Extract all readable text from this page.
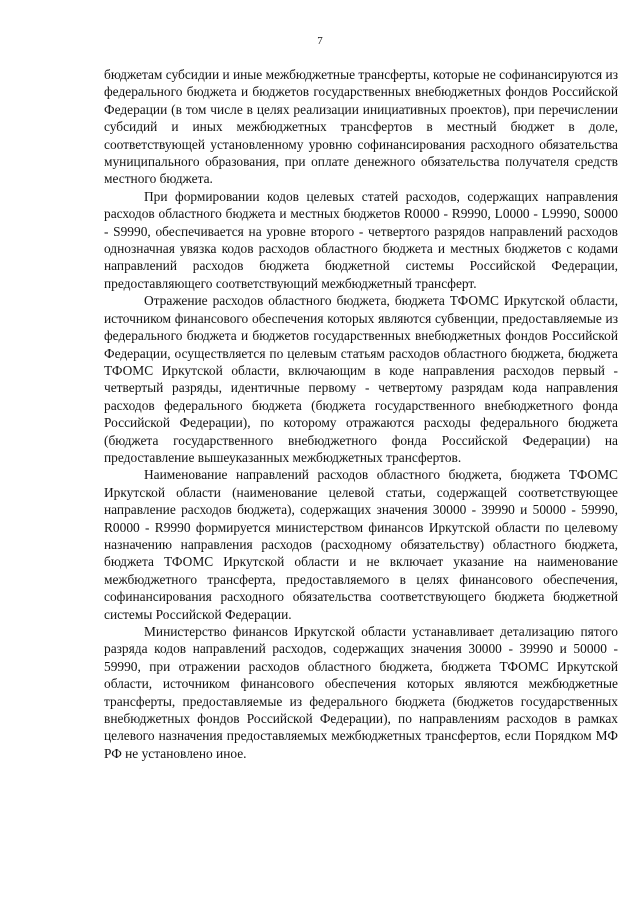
7

бюджетам субсидии и иные межбюджетные трансферты, которые не софинансируются из федерального бюджета и бюджетов государственных внебюджетных фондов Российской Федерации (в том числе в целях реализации инициативных проектов), при перечислении субсидий и иных межбюджетных трансфертов в местный бюджет в доле, соответствующей установленному уровню софинансирования расходного обязательства муниципального образования, при оплате денежного обязательства получателя средств местного бюджета.

При формировании кодов целевых статей расходов, содержащих направления расходов областного бюджета и местных бюджетов R0000 - R9990, L0000 - L9990, S0000 - S9990, обеспечивается на уровне второго - четвертого разрядов направлений расходов однозначная увязка кодов расходов областного бюджета и местных бюджетов с кодами направлений расходов бюджета бюджетной системы Российской Федерации, предоставляющего соответствующий межбюджетный трансферт.

Отражение расходов областного бюджета, бюджета ТФОМС Иркутской области, источником финансового обеспечения которых являются субвенции, предоставляемые из федерального бюджета и бюджетов государственных внебюджетных фондов Российской Федерации, осуществляется по целевым статьям расходов областного бюджета, бюджета ТФОМС Иркутской области, включающим в коде направления расходов первый - четвертый разряды, идентичные первому - четвертому разрядам кода направления расходов федерального бюджета (бюджета государственного внебюджетного фонда Российской Федерации), по которому отражаются расходы федерального бюджета (бюджета государственного внебюджетного фонда Российской Федерации) на предоставление вышеуказанных межбюджетных трансфертов.

Наименование направлений расходов областного бюджета, бюджета ТФОМС Иркутской области (наименование целевой статьи, содержащей соответствующее направление расходов бюджета), содержащих значения 30000 - 39990 и 50000 - 59990, R0000 - R9990 формируется министерством финансов Иркутской области по целевому назначению направления расходов (расходному обязательству) областного бюджета, бюджета ТФОМС Иркутской области и не включает указание на наименование межбюджетного трансферта, предоставляемого в целях финансового обеспечения, софинансирования расходного обязательства соответствующего бюджета бюджетной системы Российской Федерации.

Министерство финансов Иркутской области устанавливает детализацию пятого разряда кодов направлений расходов, содержащих значения 30000 - 39990 и 50000 - 59990, при отражении расходов областного бюджета, бюджета ТФОМС Иркутской области, источником финансового обеспечения которых являются межбюджетные трансферты, предоставляемые из федерального бюджета (бюджетов государственных внебюджетных фондов Российской Федерации), по направлениям расходов в рамках целевого назначения предоставляемых межбюджетных трансфертов, если Порядком МФ РФ не установлено иное.
